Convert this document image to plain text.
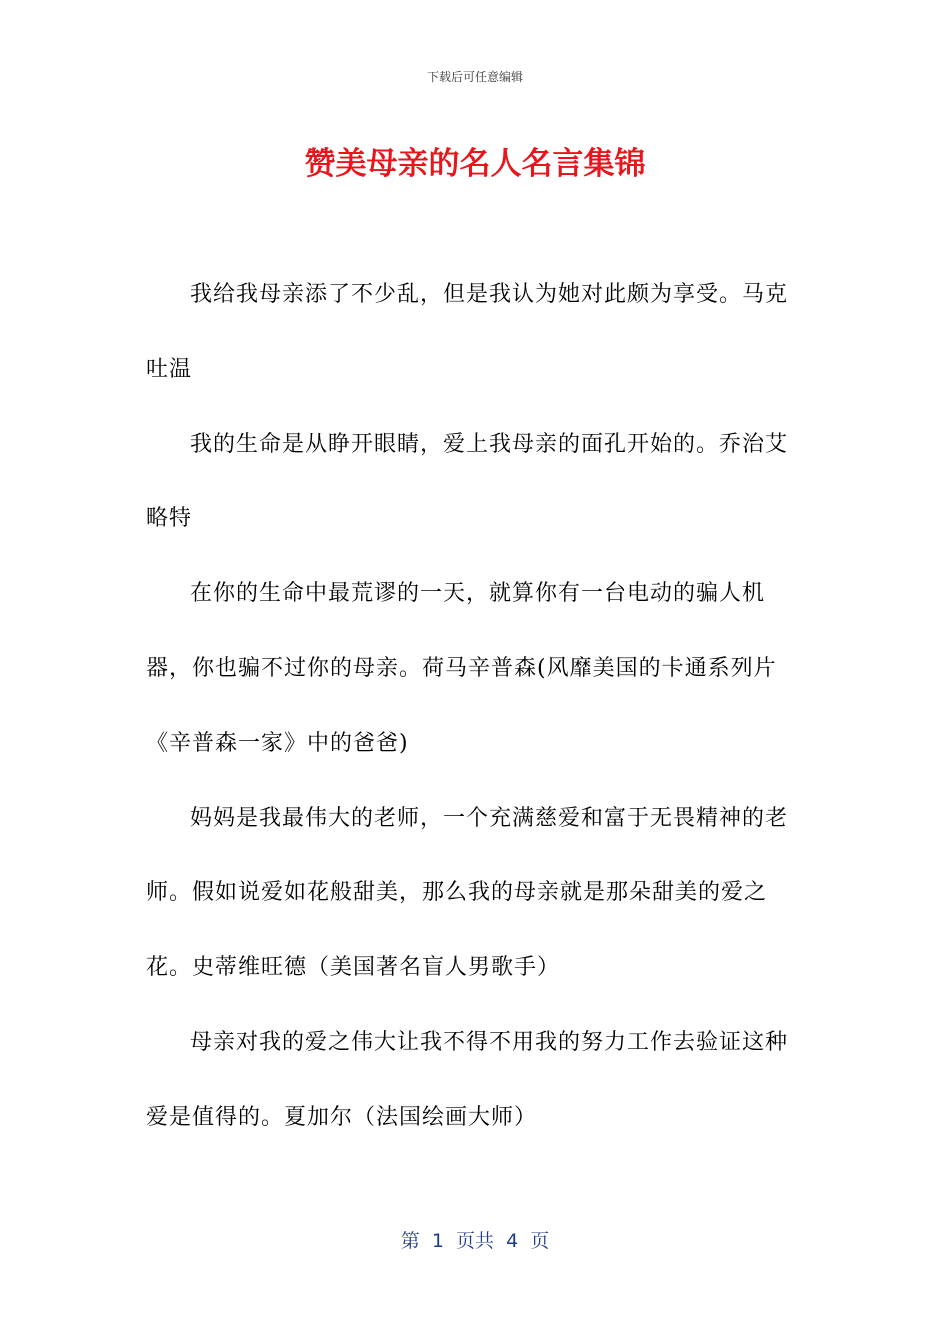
下载后可任意编辑
赞美母亲的名人名言集锦

我给我母亲添了不少乱，但是我认为她对此颇为享受。马克吐温

我的生命是从睁开眼睛，爱上我母亲的面孔开始的。乔治艾略特

在你的生命中最荒谬的一天，就算你有一台电动的骗人机器，你也骗不过你的母亲。荷马辛普森(风靡美国的卡通系列片《辛普森一家》中的爸爸)

妈妈是我最伟大的老师，一个充满慈爱和富于无畏精神的老师。假如说爱如花般甜美，那么我的母亲就是那朵甜美的爱之花。史蒂维旺德（美国著名盲人男歌手）

母亲对我的爱之伟大让我不得不用我的努力工作去验证这种爱是值得的。夏加尔（法国绘画大师）

第  1  页共  4  页
